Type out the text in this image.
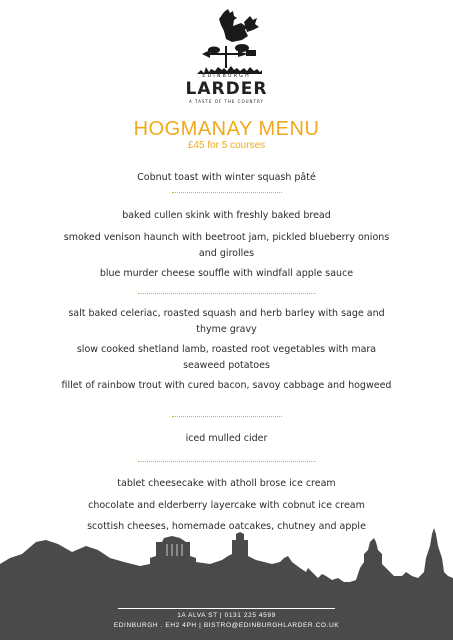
EDINBURGH
LARDER
A TASTE OF THE COUNTRY
HOGMANAY MENU
£45 for 5 courses
Cobnut toast with winter squash pâté
baked cullen skink with freshly baked bread
smoked venison haunch with beetroot jam, pickled blueberry onions and girolles
blue murder cheese souffle with windfall apple sauce
salt baked celeriac, roasted squash and herb barley with sage and thyme gravy
slow cooked shetland lamb, roasted root vegetables with mara seaweed potatoes
fillet of rainbow trout with cured bacon, savoy cabbage and hogweed
iced mulled cider
tablet cheesecake with atholl brose ice cream
chocolate and elderberry layercake with cobnut ice cream
scottish cheeses, homemade oatcakes, chutney and apple
1A ALVA ST | 0131 225 4599
EDINBURGH . EH2 4PH | BISTRO@EDINBURGHLARDER.CO.UK
